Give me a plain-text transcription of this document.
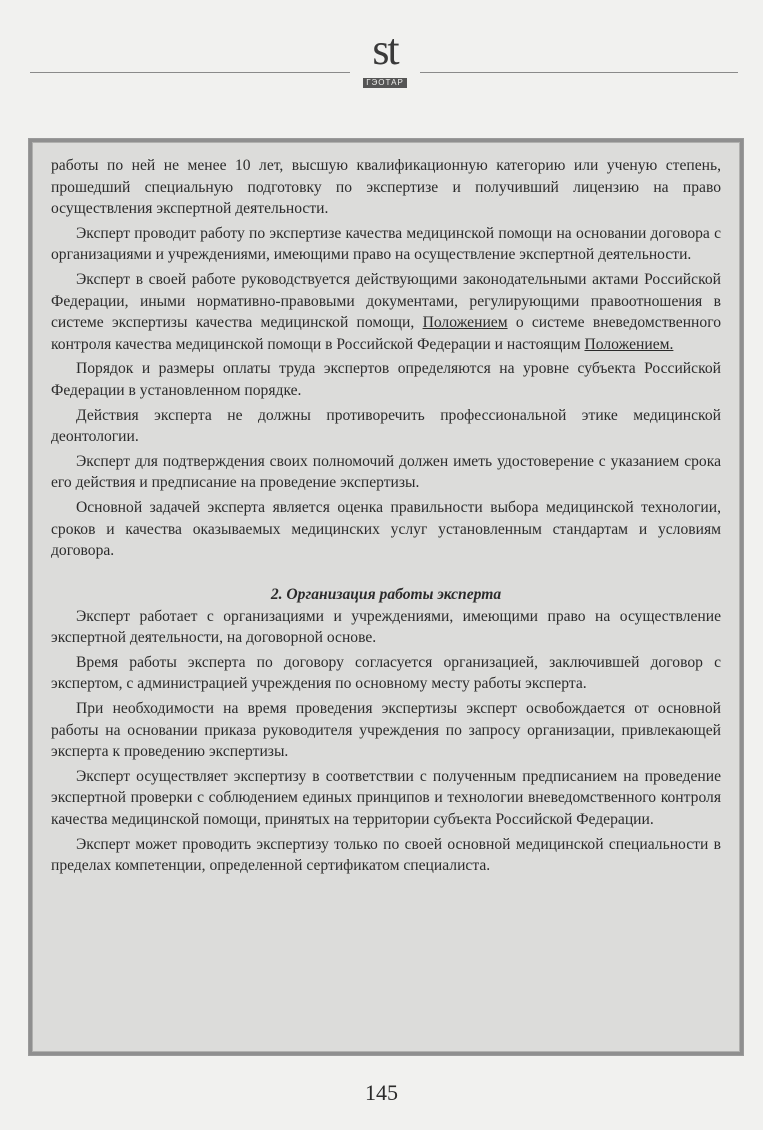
st
ГЭОТАР

работы по ней не менее 10 лет, высшую квалификационную категорию или ученую степень, прошедший специальную подготовку по экспертизе и получивший лицензию на право осуществления экспертной деятельности.

Эксперт проводит работу по экспертизе качества медицинской помощи на основании договора с организациями и учреждениями, имеющими право на осуществление экспертной деятельности.

Эксперт в своей работе руководствуется действующими законодательными актами Российской Федерации, иными нормативно-правовыми документами, регулирующими правоотношения в системе экспертизы качества медицинской помощи, Положением о системе вневедомственного контроля качества медицинской помощи в Российской Федерации и настоящим Положением.

Порядок и размеры оплаты труда экспертов определяются на уровне субъекта Российской Федерации в установленном порядке.

Действия эксперта не должны противоречить профессиональной этике медицинской деонтологии.

Эксперт для подтверждения своих полномочий должен иметь удостоверение с указанием срока его действия и предписание на проведение экспертизы.

Основной задачей эксперта является оценка правильности выбора медицинской технологии, сроков и качества оказываемых медицинских услуг установленным стандартам и условиям договора.

2. Организация работы эксперта

Эксперт работает с организациями и учреждениями, имеющими право на осуществление экспертной деятельности, на договорной основе.

Время работы эксперта по договору согласуется организацией, заключившей договор с экспертом, с администрацией учреждения по основному месту работы эксперта.

При необходимости на время проведения экспертизы эксперт освобождается от основной работы на основании приказа руководителя учреждения по запросу организации, привлекающей эксперта к проведению экспертизы.

Эксперт осуществляет экспертизу в соответствии с полученным предписанием на проведение экспертной проверки с соблюдением единых принципов и технологии вневедомственного контроля качества медицинской помощи, принятых на территории субъекта Российской Федерации.

Эксперт может проводить экспертизу только по своей основной медицинской специальности в пределах компетенции, определенной сертификатом специалиста.

145
